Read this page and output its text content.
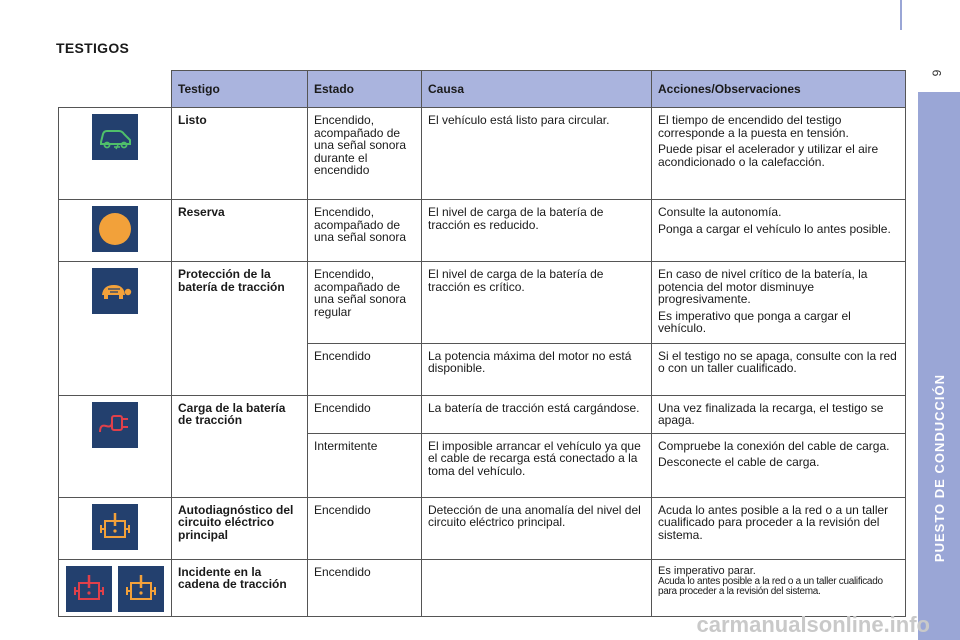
TESTIGOS
9
PUESTO DE CONDUCCIÓN
	Testigo	Estado	Causa	Acciones/Observaciones

	Listo	Encendido, acompañado de una señal sonora durante el encendido	El vehículo está listo para circular.	El tiempo de encendido del testigo corresponde a la puesta en tensión.

Puede pisar el acelerador y utilizar el aire acondicionado o la calefacción.

	Reserva	Encendido, acompañado de una señal sonora	El nivel de carga de la batería de tracción es reducido.	Consulte la autonomía.

Ponga a cargar el vehículo lo antes posible.

	Protección de la batería de tracción	Encendido, acompañado de una señal sonora regular	El nivel de carga de la batería de tracción es crítico.	En caso de nivel crítico de la batería, la potencia del motor disminuye progresivamente.

Es imperativo que ponga a cargar el vehículo.

		Encendido	La potencia máxima del motor no está disponible.	Si el testigo no se apaga, consulte con la red o con un taller cualificado.

	Carga de la batería de tracción	Encendido	La batería de tracción está cargándose.	Una vez finalizada la recarga, el testigo se apaga.
		Intermitente	El imposible arrancar el vehículo ya que el cable de recarga está conectado a la toma del vehículo.	Compruebe la conexión del cable de carga.

Desconecte el cable de carga.

	Autodiagnóstico del circuito eléctrico principal	Encendido	Detección de una anomalía del nivel del circuito eléctrico principal.	Acuda lo antes posible a la red o a un taller cualificado para proceder a la revisión del sistema.

	Incidente en la cadena de tracción	Encendido		Es imperativo parar.
Acuda lo antes posible a la red o a un taller cualificado para proceder a la revisión del sistema.
carmanualsonline.info
